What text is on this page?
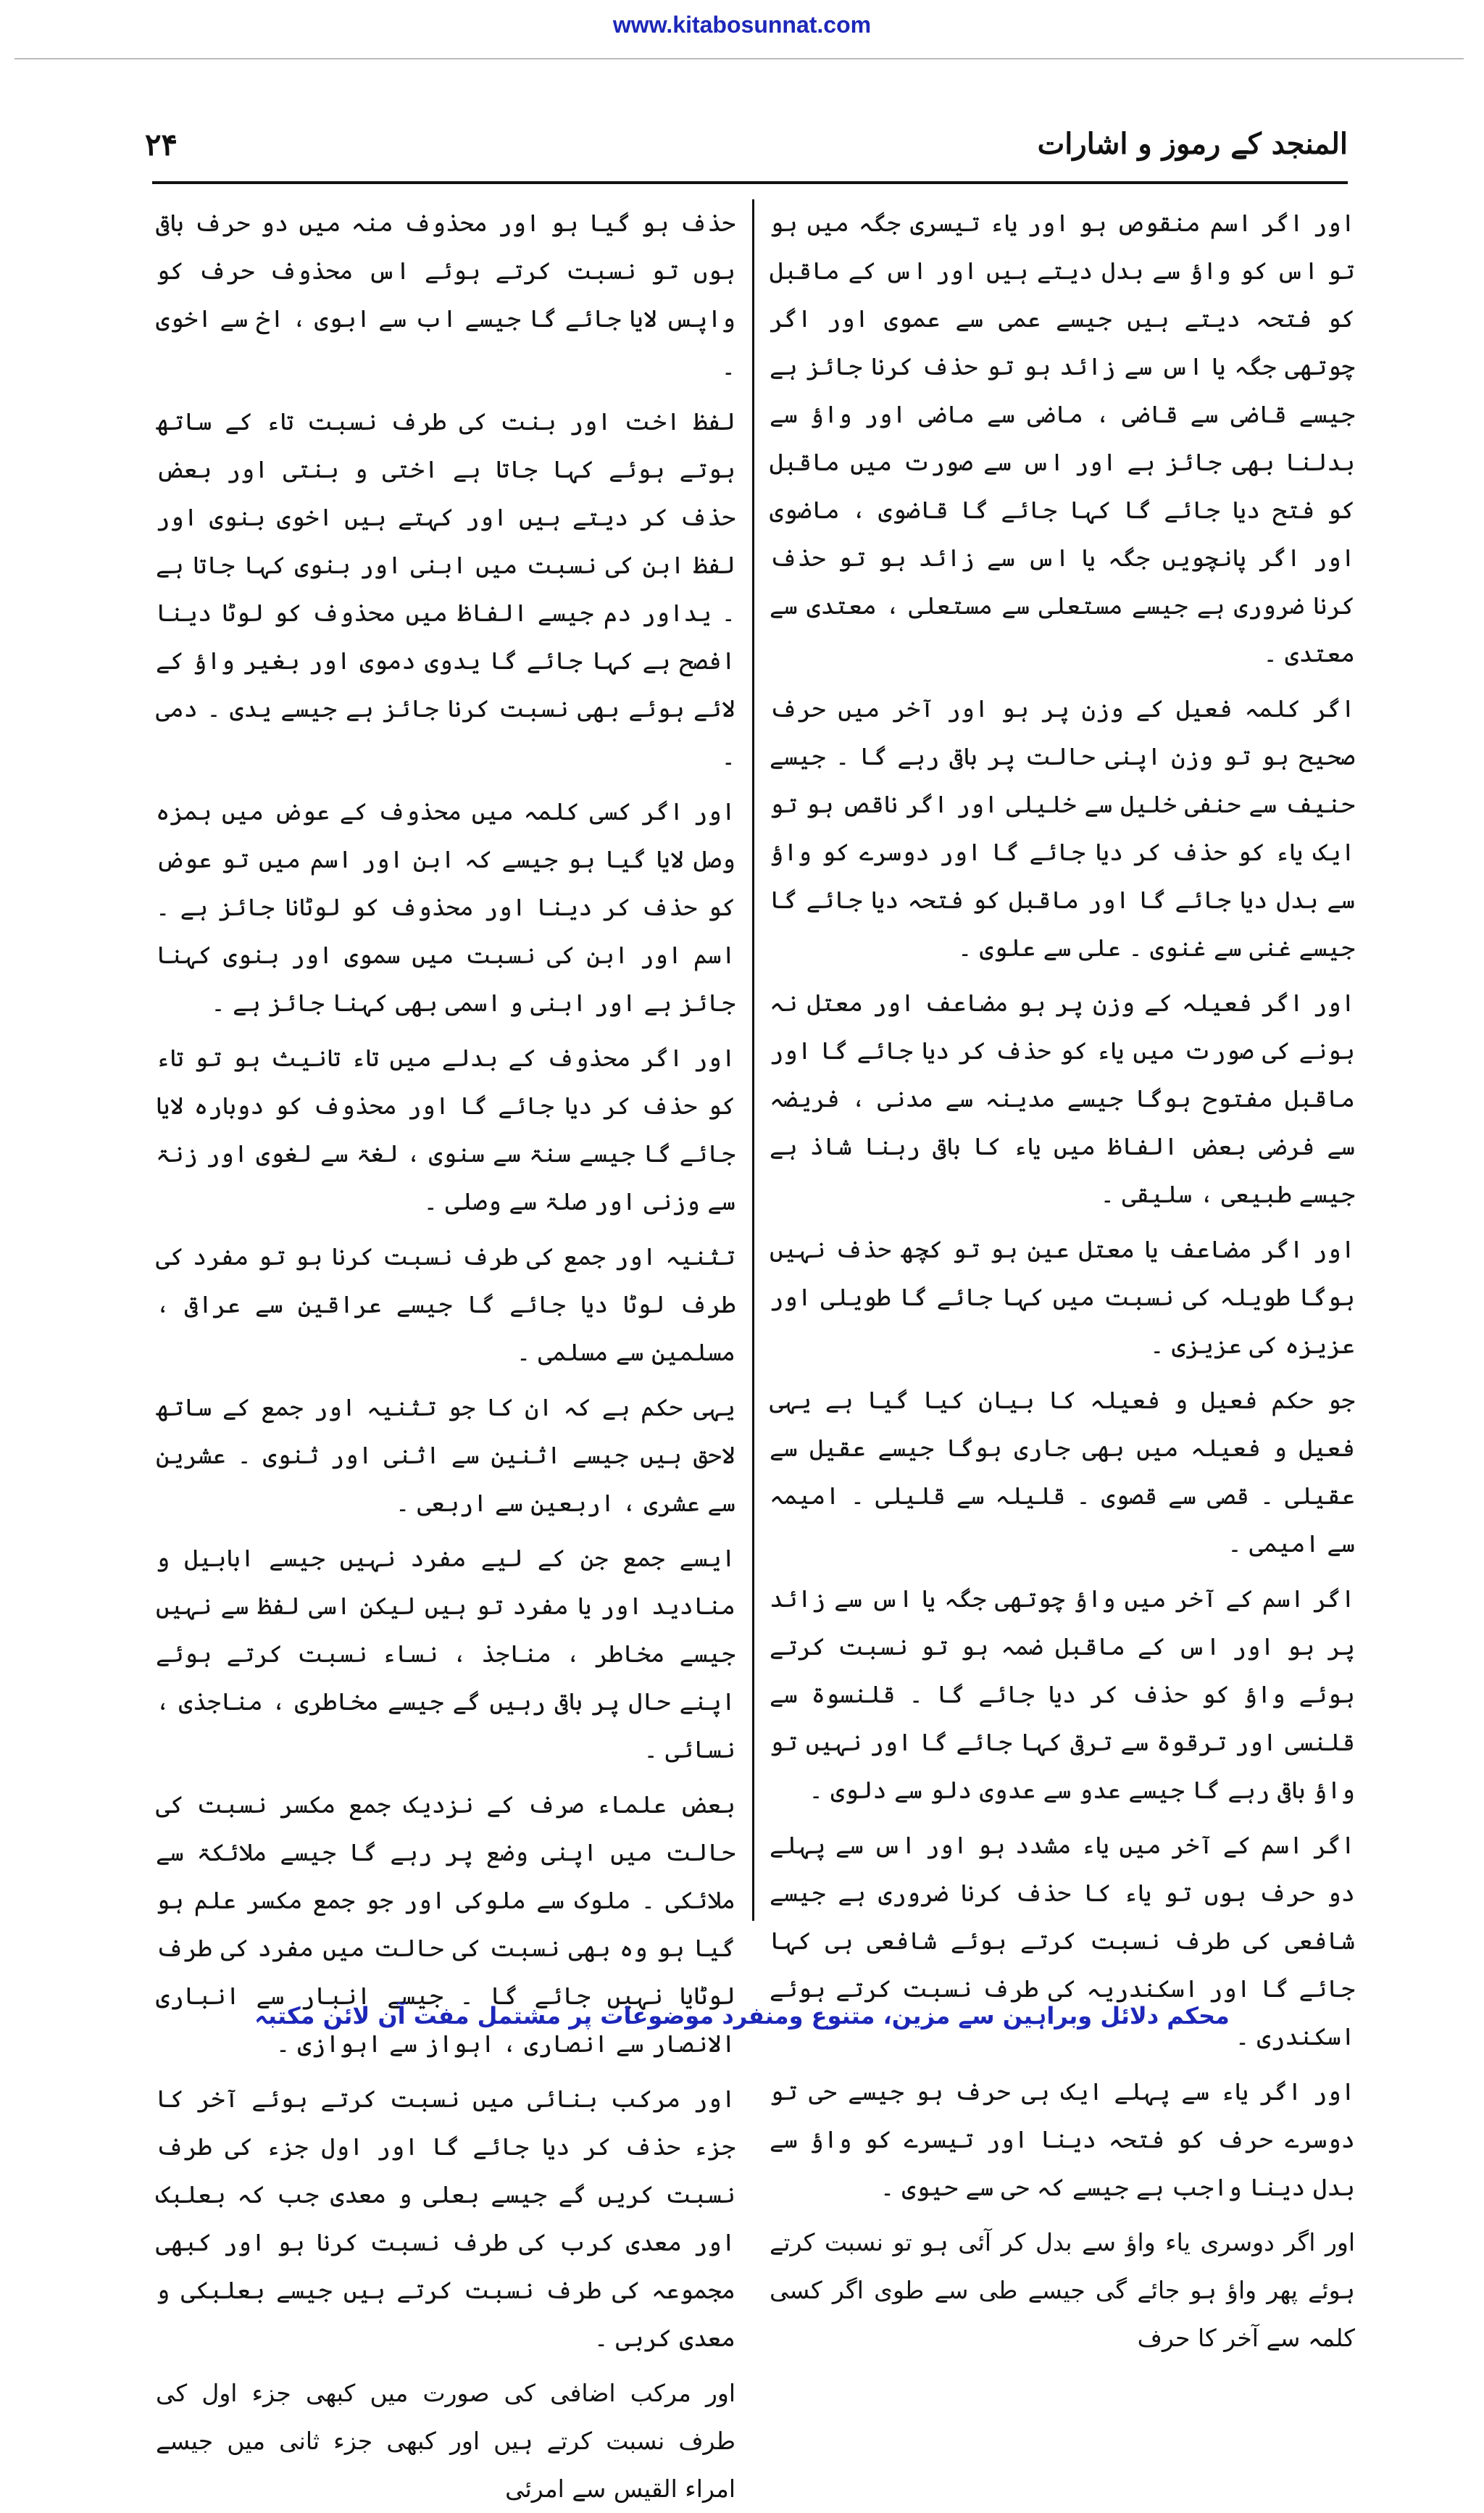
www.kitabosunnat.com
المنجد کے رموز و اشارات
۲۴

اور اگر اسم منقوص ہو اور یاء تیسری جگہ میں ہو تو اس کو واؤ سے بدل دیتے ہیں اور اس کے ماقبل کو فتحہ دیتے ہیں جیسے عمی سے عموی اور اگر چوتھی جگہ یا اس سے زائد ہو تو حذف کرنا جائز ہے جیسے قاضی سے قاضی ، ماضی سے ماضی اور واؤ سے بدلنا بھی جائز ہے اور اس سے صورت میں ماقبل کو فتح دیا جائے گا کہا جائے گا قاضوی ، ماضوی اور اگر پانچویں جگہ یا اس سے زائد ہو تو حذف کرنا ضروری ہے جیسے مستعلی سے مستعلی ، معتدی سے معتدی ۔

اگر کلمہ فعیل کے وزن پر ہو اور آخر میں حرف صحیح ہو تو وزن اپنی حالت پر باقی رہے گا ۔ جیسے حنیف سے حنفی خلیل سے خلیلی اور اگر ناقص ہو تو ایک یاء کو حذف کر دیا جائے گا اور دوسرے کو واؤ سے بدل دیا جائے گا اور ماقبل کو فتحہ دیا جائے گا جیسے غنی سے غنوی ۔ علی سے علوی ۔

اور اگر فعیلہ کے وزن پر ہو مضاعف اور معتل نہ ہونے کی صورت میں یاء کو حذف کر دیا جائے گا اور ماقبل مفتوح ہوگا جیسے مدینہ سے مدنی ، فریضہ سے فرضی بعض الفاظ میں یاء کا باقی رہنا شاذ ہے جیسے طبیعی ، سلیقی ۔

اور اگر مضاعف یا معتل عین ہو تو کچھ حذف نہیں ہوگا طویلہ کی نسبت میں کہا جائے گا طویلی اور عزیزہ کی عزیزی ۔

جو حکم فعیل و فعیلہ کا بیان کیا گیا ہے یہی فعیل و فعیلہ میں بھی جاری ہوگا جیسے عقیل سے عقیلی ۔ قصی سے قصوی ۔ قلیلہ سے قلیلی ۔ امیمہ سے امیمی ۔

اگر اسم کے آخر میں واؤ چوتھی جگہ یا اس سے زائد پر ہو اور اس کے ماقبل ضمہ ہو تو نسبت کرتے ہوئے واؤ کو حذف کر دیا جائے گا ۔ قلنسوۃ سے قلنسی اور ترقوۃ سے ترقی کہا جائے گا اور نہیں تو واؤ باقی رہے گا جیسے عدو سے عدوی دلو سے دلوی ۔

اگر اسم کے آخر میں یاء مشدد ہو اور اس سے پہلے دو حرف ہوں تو یاء کا حذف کرنا ضروری ہے جیسے شافعی کی طرف نسبت کرتے ہوئے شافعی ہی کہا جائے گا اور اسکندریہ کی طرف نسبت کرتے ہوئے اسکندری ۔

اور اگر یاء سے پہلے ایک ہی حرف ہو جیسے حی تو دوسرے حرف کو فتحہ دینا اور تیسرے کو واؤ سے بدل دینا واجب ہے جیسے کہ حی سے حیوی ۔

اور اگر دوسری یاء واؤ سے بدل کر آئی ہو تو نسبت کرتے ہوئے پھر واؤ ہو جائے گی جیسے طی سے طوی اگر کسی کلمہ سے آخر کا حرف

حذف ہو گیا ہو اور محذوف منہ میں دو حرف باقی ہوں تو نسبت کرتے ہوئے اس محذوف حرف کو واپس لایا جائے گا جیسے اب سے ابوی ، اخ سے اخوی ۔

لفظ اخت اور بنت کی طرف نسبت تاء کے ساتھ ہوتے ہوئے کہا جاتا ہے اختی و بنتی اور بعض حذف کر دیتے ہیں اور کہتے ہیں اخوی بنوی اور لفظ ابن کی نسبت میں ابنی اور بنوی کہا جاتا ہے ۔ یداور دم جیسے الفاظ میں محذوف کو لوٹا دینا افصح ہے کہا جائے گا یدوی دموی اور بغیر واؤ کے لائے ہوئے بھی نسبت کرنا جائز ہے جیسے یدی ۔ دمی ۔

اور اگر کسی کلمہ میں محذوف کے عوض میں ہمزہ وصل لایا گیا ہو جیسے کہ ابن اور اسم میں تو عوض کو حذف کر دینا اور محذوف کو لوٹانا جائز ہے ۔ اسم اور ابن کی نسبت میں سموی اور بنوی کہنا جائز ہے اور ابنی و اسمی بھی کہنا جائز ہے ۔

اور اگر محذوف کے بدلے میں تاء تانیث ہو تو تاء کو حذف کر دیا جائے گا اور محذوف کو دوبارہ لایا جائے گا جیسے سنۃ سے سنوی ، لغۃ سے لغوی اور زنۃ سے وزنی اور صلۃ سے وصلی ۔

تثنیہ اور جمع کی طرف نسبت کرنا ہو تو مفرد کی طرف لوٹا دیا جائے گا جیسے عراقین سے عراقی ، مسلمین سے مسلمی ۔

یہی حکم ہے کہ ان کا جو تثنیہ اور جمع کے ساتھ لاحق ہیں جیسے اثنین سے اثنی اور ثنوی ۔ عشرین سے عشری ، اربعین سے اربعی ۔

ایسے جمع جن کے لیے مفرد نہیں جیسے ابابیل و منادید اور یا مفرد تو ہیں لیکن اسی لفظ سے نہیں جیسے مخاطر ، مناجذ ، نساء نسبت کرتے ہوئے اپنے حال پر باقی رہیں گے جیسے مخاطری ، مناجذی ، نسائی ۔

بعض علماء صرف کے نزدیک جمع مکسر نسبت کی حالت میں اپنی وضع پر رہے گا جیسے ملائکۃ سے ملائکی ۔ ملوک سے ملوکی اور جو جمع مکسر علم ہو گیا ہو وہ بھی نسبت کی حالت میں مفرد کی طرف لوٹایا نہیں جائے گا ۔ جیسے انبار سے انباری الانصار سے انصاری ، اہواز سے اہوازی ۔

اور مرکب بنائی میں نسبت کرتے ہوئے آخر کا جزء حذف کر دیا جائے گا اور اول جزء کی طرف نسبت کریں گے جیسے بعلی و معدی جب کہ بعلبک اور معدی کرب کی طرف نسبت کرنا ہو اور کبھی مجموعہ کی طرف نسبت کرتے ہیں جیسے بعلبکی و معدی کربی ۔

اور مرکب اضافی کی صورت میں کبھی جزء اول کی طرف نسبت کرتے ہیں اور کبھی جزء ثانی میں جیسے امراء القیس سے امرئی

محکم دلائل وبراہین سے مزین، متنوع ومنفرد موضوعات پر مشتمل مفت آن لائن مکتبہ
